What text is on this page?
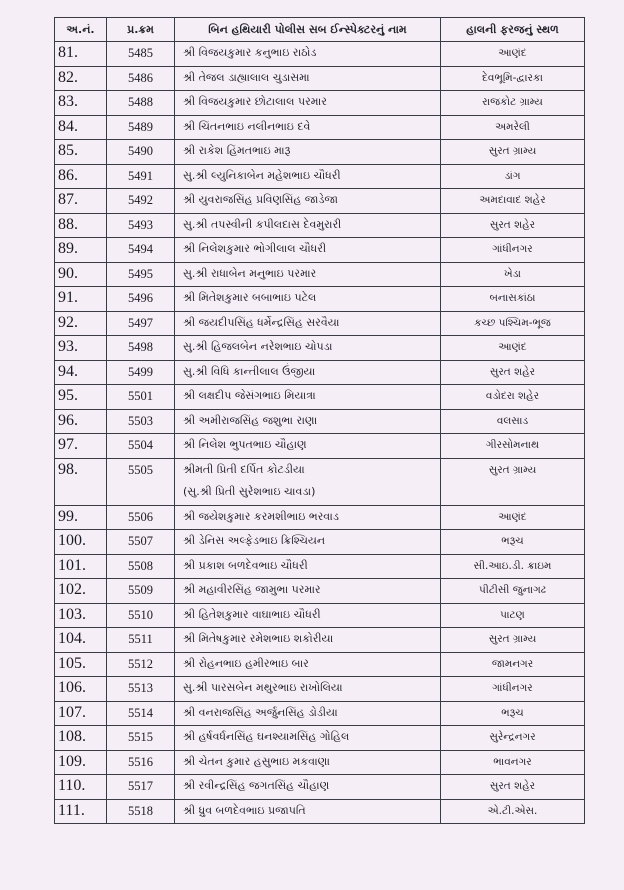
અ.નં.	પ્ર.ક્રમ	બિન હથિયારી પોલીસ સબ ઈન્સ્પેક્ટરનું નામ	હાલની ફરજનું સ્થળ
81.	5485	શ્રી વિજયકુમાર કનુભાઇ રાઠોડ	આણંદ
82.	5486	શ્રી તેજલ ડાહ્યાલાલ ચુડાસમા	દેવભૂમિ-દ્વારકા
83.	5488	શ્રી વિજયકુમાર છોટાલાલ પરમાર	રાજકોટ ગ્રામ્ય
84.	5489	શ્રી ચિંતનભાઇ નલીનભાઇ દવે	અમરેલી
85.	5490	શ્રી રાકેશ હિંમતભાઇ મારૂ	સુરત ગ્રામ્ય
86.	5491	સુ.શ્રી લ્યુનિકાબેન મહેશભાઇ ચૌધરી	ડાંગ
87.	5492	શ્રી યુવરાજસિંહ પ્રવિણસિંહ જાડેજા	અમદાવાદ શહેર
88.	5493	સુ.શ્રી તપસ્વીની કપીલદાસ દેવમુરારી	સુરત શહેર
89.	5494	શ્રી નિલેશકુમાર ભોગીલાલ ચૌધરી	ગાંધીનગર
90.	5495	સુ.શ્રી રાધાબેન મનુભાઇ પરમાર	ખેડા
91.	5496	શ્રી મિતેશકુમાર બબાભાઇ પટેલ	બનાસકાંઠા
92.	5497	શ્રી જયદીપસિંહ ધર્મેન્દ્રસિંહ સરવૈયા	કચ્છ પશ્ચિમ-ભૂજ
93.	5498	સુ.શ્રી હિજલબેન નરેશભાઇ ચોપડા	આણંદ
94.	5499	સુ.શ્રી વિધિ કાન્તીલાલ ઉંજીયા	સુરત શહેર
95.	5501	શ્રી લક્ષદીપ જેસંગભાઇ મિયાત્રા	વડોદરા શહેર
96.	5503	શ્રી અમીરાજસિંહ જશુભા રાણા	વલસાડ
97.	5504	શ્રી નિલેશ ભુપતભાઇ ચૌહાણ	ગીરસોમનાથ
98.	5505	શ્રીમતી પ્રિતી દર્પિત કોટડીયા
(સુ.શ્રી પ્રિતી સુરેશભાઇ ચાવડા)	સુરત ગ્રામ્ય
99.	5506	શ્રી જયેશકુમાર કરમશીભાઇ ભરવાડ	આણંદ
100.	5507	શ્રી ડેનિસ અલ્ફેડભાઇ ક્રિશ્ચિયન	ભરૂચ
101.	5508	શ્રી પ્રકાશ બળદેવભાઇ ચૌધરી	સી.આઇ.ડી. ક્રાઇમ
102.	5509	શ્રી મહાવીરસિંહ જામુભા પરમાર	પીટીસી જુનાગઢ
103.	5510	શ્રી હિતેશકુમાર વાઘાભાઇ ચૌધરી	પાટણ
104.	5511	શ્રી મિતેષકુમાર રમેશભાઇ શકોરીયા	સુરત ગ્રામ્ય
105.	5512	શ્રી રોહનભાઇ હમીરભાઇ બાર	જામનગર
106.	5513	સુ.શ્રી પારસબેન મથુરભાઇ રાખોલિયા	ગાંધીનગર
107.	5514	શ્રી વનરાજસિંહ અર્જુનસિંહ ડોડીયા	ભરૂચ
108.	5515	શ્રી હર્ષવર્ધનસિંહ ઘનશ્યામસિંહ ગોહિલ	સુરેન્દ્રનગર
109.	5516	શ્રી ચેતન કુમાર હસુભાઇ મકવાણા	ભાવનગર
110.	5517	શ્રી રવીન્દ્રસિંહ જગતસિંહ ચૌહાણ	સુરત શહેર
111.	5518	શ્રી ધ્રુવ બળદેવભાઇ પ્રજાપતિ	એ.ટી.એસ.
